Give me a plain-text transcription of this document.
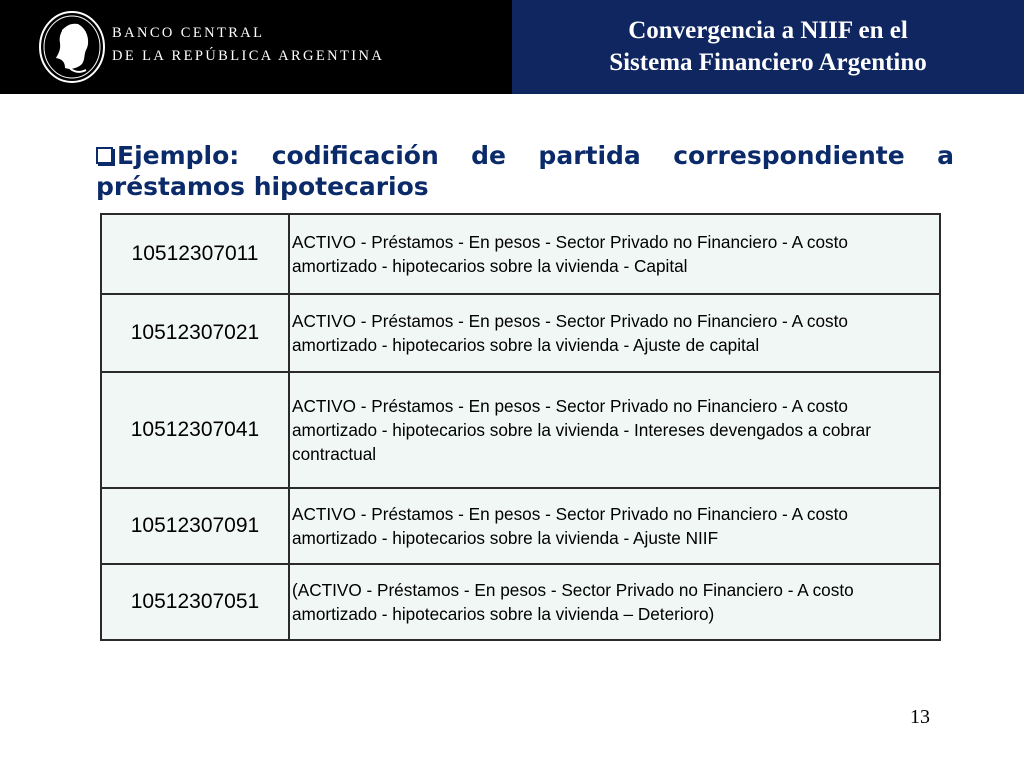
BANCO CENTRAL
DE LA REPÚBLICA ARGENTINA
Convergencia a NIIF en el
Sistema Financiero Argentino
Ejemplo: codificación de partida correspondiente a
préstamos hipotecarios
10512307011	ACTIVO - Préstamos - En pesos - Sector Privado no Financiero - A costo amortizado - hipotecarios sobre la vivienda - Capital
10512307021	ACTIVO - Préstamos - En pesos - Sector Privado no Financiero - A costo amortizado - hipotecarios sobre la vivienda - Ajuste de capital
10512307041	ACTIVO - Préstamos - En pesos - Sector Privado no Financiero - A costo amortizado - hipotecarios sobre la vivienda - Intereses devengados a cobrar contractual
10512307091	ACTIVO - Préstamos - En pesos - Sector Privado no Financiero - A costo amortizado - hipotecarios sobre la vivienda - Ajuste NIIF
10512307051	(ACTIVO - Préstamos - En pesos - Sector Privado no Financiero - A costo amortizado - hipotecarios sobre la vivienda – Deterioro)
13
